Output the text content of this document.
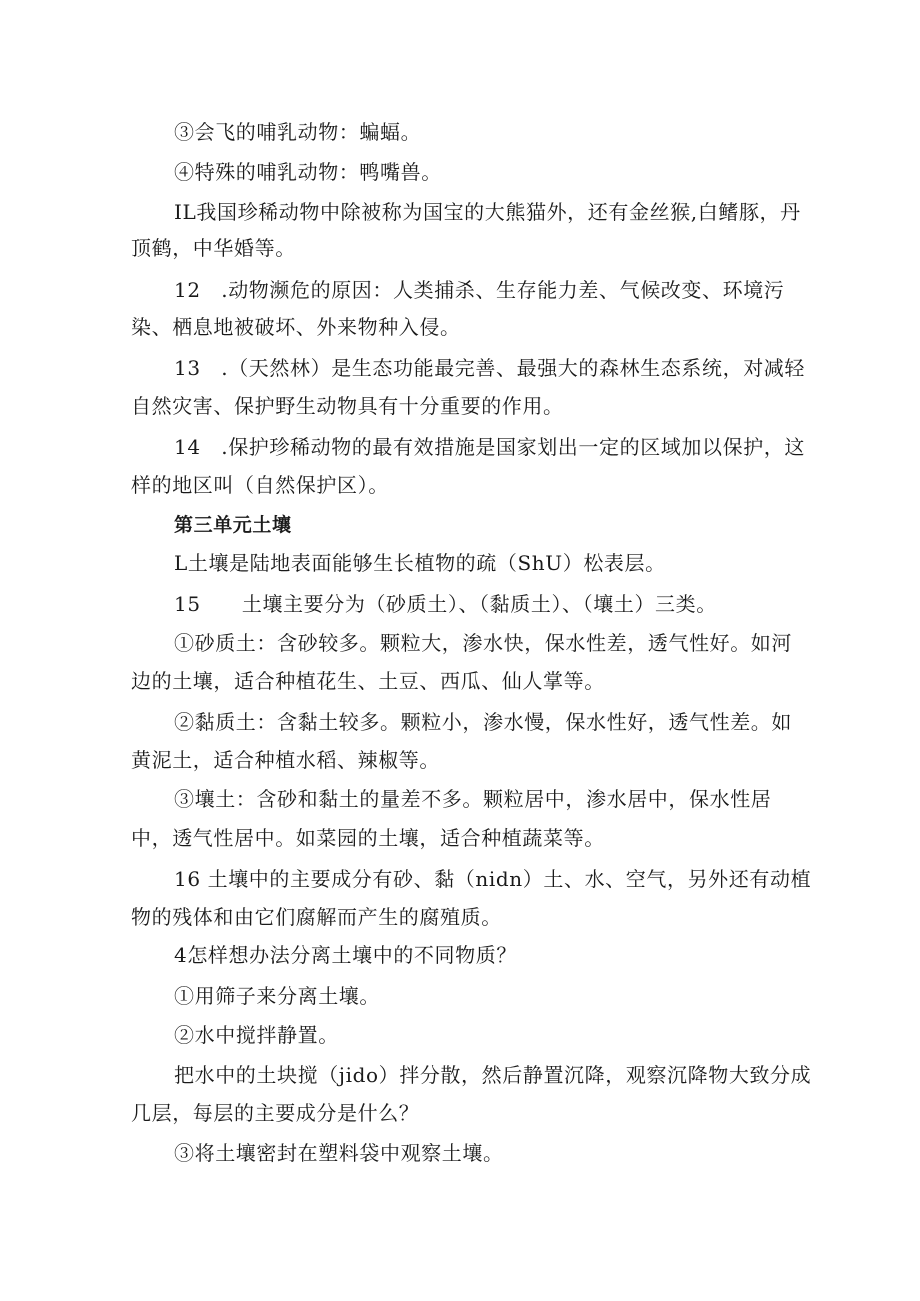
③会飞的哺乳动物：蝙蝠。
④特殊的哺乳动物：鸭嘴兽。
IL我国珍稀动物中除被称为国宝的大熊猫外，还有金丝猴,白鳍豚，丹
顶鹤，中华婚等。
12　.动物濒危的原因：人类捕杀、生存能力差、气候改变、环境污
染、栖息地被破坏、外来物种入侵。
13　.（天然林）是生态功能最完善、最强大的森林生态系统，对减轻
自然灾害、保护野生动物具有十分重要的作用。
14　.保护珍稀动物的最有效措施是国家划出一定的区域加以保护，这
样的地区叫（自然保护区）。
第三单元土壤
L土壤是陆地表面能够生长植物的疏（ShU）松表层。
15　　土壤主要分为（砂质土）、（黏质土）、（壤土）三类。
①砂质土：含砂较多。颗粒大，渗水快，保水性差，透气性好。如河
边的土壤，适合种植花生、土豆、西瓜、仙人掌等。
②黏质土：含黏土较多。颗粒小，渗水慢，保水性好，透气性差。如
黄泥土，适合种植水稻、辣椒等。
③壤土：含砂和黏土的量差不多。颗粒居中，渗水居中，保水性居
中，透气性居中。如菜园的土壤，适合种植蔬菜等。
16 土壤中的主要成分有砂、黏（nidn）土、水、空气，另外还有动植
物的残体和由它们腐解而产生的腐殖质。
4怎样想办法分离土壤中的不同物质？
①用筛子来分离土壤。
②水中搅拌静置。
把水中的土块搅（jido）拌分散，然后静置沉降，观察沉降物大致分成
几层，每层的主要成分是什么？
③将土壤密封在塑料袋中观察土壤。
